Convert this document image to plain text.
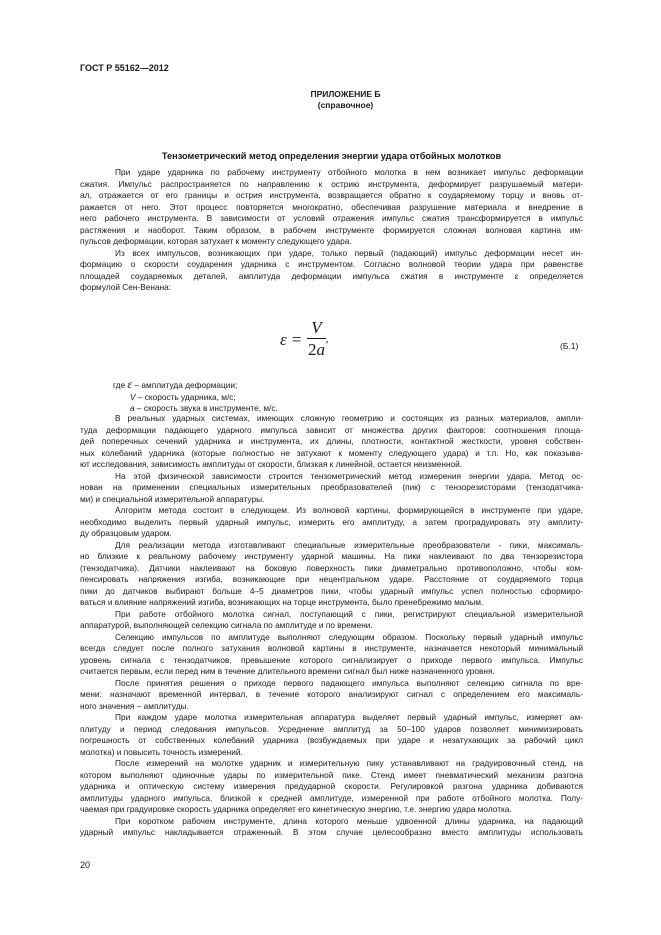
ГОСТ Р 55162—2012
ПРИЛОЖЕНИЕ Б
(справочное)
Тензометрический метод определения энергии удара отбойных молотков
При ударе ударника по рабочему инструменту отбойного молотка в нем возникает импульс деформации
сжатия. Импульс распространяется по направлению к острию инструмента, деформирует разрушаемый матери-
ал, отражается от его границы и острия инструмента, возвращается обратно к соударяемому торцу и вновь от-
ражается от него. Этот процесс повторяется многократно, обеспечивая разрушение материала и внедрение в
него рабочего инструмента. В зависимости от условий отражения импульс сжатия трансформируется в импульс
растяжения и наоборот. Таким образом, в рабочем инструменте формируется сложная волновая картина им-
пульсов деформации, которая затухает к моменту следующего удара.
Из всех импульсов, возникающих при ударе, только первый (падающий) импульс деформации несет ин-
формацию о скорости соударения ударника с инструментом. Согласно волновой теории удара при равенстве
площадей соударяемых деталей, амплитуда деформации импульса сжатия в инструменте ε определяется
формулой Сен-Венана:
$\varepsilon = \frac{V}{2a}$ ,
(Б.1)
где ε – амплитуда деформации;
V – скорость ударника, м/с;
a – скорость звука в инструменте, м/с.
В реальных ударных системах, имеющих сложную геометрию и состоящих из разных материалов, ампли-
туда деформации падающего ударного импульса зависит от множества других факторов: соотношения площа-
дей поперечных сечений ударника и инструмента, их длины, плотности, контактной жесткости, уровня собствен-
ных колебаний ударника (которые полностью не затухают к моменту следующего удара) и т.п. Но, как показыва-
ют исследования, зависимость амплитуды от скорости, близкая к линейной, остается неизменной.
На этой физической зависимости строится тензометрический метод измерения энергии удара. Метод ос-
нован на применении специальных измерительных преобразователей (пик) с тензорезисторами (тензодатчика-
ми) и специальной измерительной аппаратуры.
Алгоритм метода состоит в следующем. Из волновой картины, формирующейся в инструменте при ударе,
необходимо выделить первый ударный импульс, измерить его амплитуду, а затем проградуировать эту амплиту-
ду образцовым ударом.
Для реализации метода изготавливают специальные измерительные преобразователи - пики, максималь-
но близкие к реальному рабочему инструменту ударной машины. На пики наклеивают по два тензорезистора
(тензодатчика). Датчики наклеивают на боковую поверхность пики диаметрально противоположно, чтобы ком-
пенсировать напряжения изгиба, возникающие при нецентральном ударе. Расстояние от соударяемого торца
пики до датчиков выбирают больше 4–5 диаметров пики, чтобы ударный импульс успел полностью сформиро-
ваться и влияние напряжений изгиба, возникающих на торце инструмента, было пренебрежимо малым.
При работе отбойного молотка сигнал, поступающий с пики, регистрируют специальной измерительной
аппаратурой, выполняющей селекцию сигнала по амплитуде и по времени.
Селекцию импульсов по амплитуде выполняют следующим образом. Поскольку первый ударный импульс
всегда следует после полного затухания волновой картины в инструменте, назначается некоторый минимальный
уровень сигнала с тензодатчиков, превышение которого сигнализирует о приходе первого импульса. Импульс
считается первым, если перед ним в течение длительного времени сигнал был ниже назначенного уровня.
После принятия решения о приходе первого падающего импульса выполняют селекцию сигнала по вре-
мени: назначают временной интервал, в течение которого анализируют сигнал с определением его максималь-
ного значения – амплитуды.
При каждом ударе молотка измерительная аппаратура выделяет первый ударный импульс, измеряет ам-
плитуду и период следования импульсов. Усреднение амплитуд за 50–100 ударов позволяет минимизировать
погрешность от собственных колебаний ударника (возбуждаемых при ударе и незатухающих за рабочий цикл
молотка) и повысить точность измерений.
После измерений на молотке ударник и измерительную пику устанавливают на градуировочный стенд, на
котором выполняют одиночные удары по измерительной пике. Стенд имеет пневматический механизм разгона
ударника и оптическую систему измерения предударной скорости. Регулировкой разгона ударника добиваются
амплитуды ударного импульса, близкой к средней амплитуде, измеренной при работе отбойного молотка. Полу-
чаемая при градуировке скорость ударника определяет его кинетическую энергию, т.е. энергию удара молотка.
При коротком рабочем инструменте, длина которого меньше удвоенной длины ударника, на падающий
ударный импульс накладывается отраженный. В этом случае целесообразно вместо амплитуды использовать
20
